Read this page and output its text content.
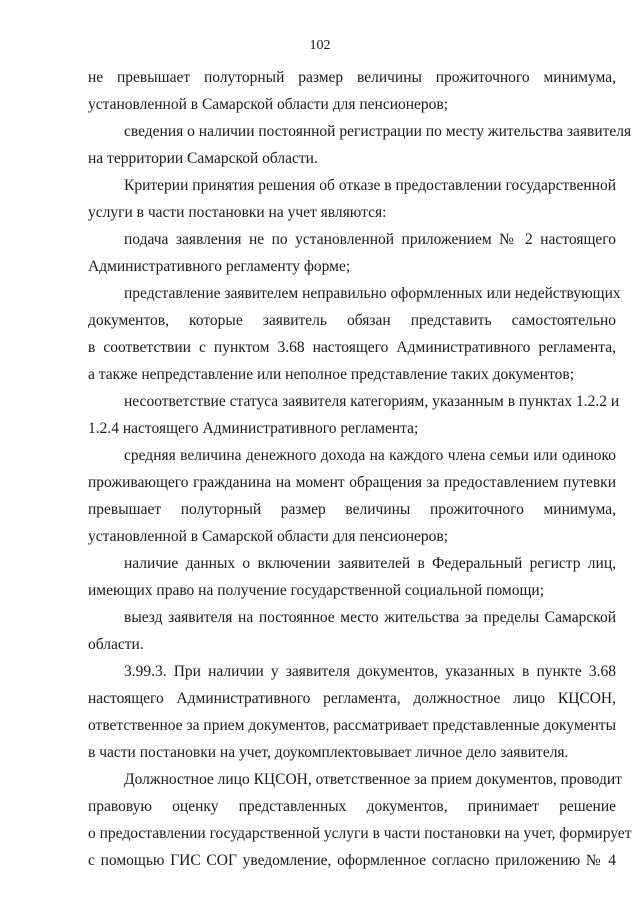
102
не превышает полуторный размер величины прожиточного минимума,
установленной в Самарской области для пенсионеров;
сведения о наличии постоянной регистрации по месту жительства заявителя
на территории Самарской области.
Критерии принятия решения об отказе в предоставлении государственной
услуги в части постановки на учет являются:
подача заявления не по установленной приложением № 2 настоящего
Административного регламенту форме;
представление заявителем неправильно оформленных или недействующих
документов, которые заявитель обязан представить самостоятельно
в соответствии с пунктом 3.68 настоящего Административного регламента,
а также непредставление или неполное представление таких документов;
несоответствие статуса заявителя категориям, указанным в пунктах 1.2.2 и
1.2.4 настоящего Административного регламента;
средняя величина денежного дохода на каждого члена семьи или одиноко
проживающего гражданина на момент обращения за предоставлением путевки
превышает полуторный размер величины прожиточного минимума,
установленной в Самарской области для пенсионеров;
наличие данных о включении заявителей в Федеральный регистр лиц,
имеющих право на получение государственной социальной помощи;
выезд заявителя на постоянное место жительства за пределы Самарской
области.
3.99.3. При наличии у заявителя документов, указанных в пункте 3.68
настоящего Административного регламента, должностное лицо КЦСОН,
ответственное за прием документов, рассматривает представленные документы
в части постановки на учет, доукомплектовывает личное дело заявителя.
Должностное лицо КЦСОН, ответственное за прием документов, проводит
правовую оценку представленных документов, принимает решение
о предоставлении государственной услуги в части постановки на учет, формирует
с помощью ГИС СОГ уведомление, оформленное согласно приложению № 4
